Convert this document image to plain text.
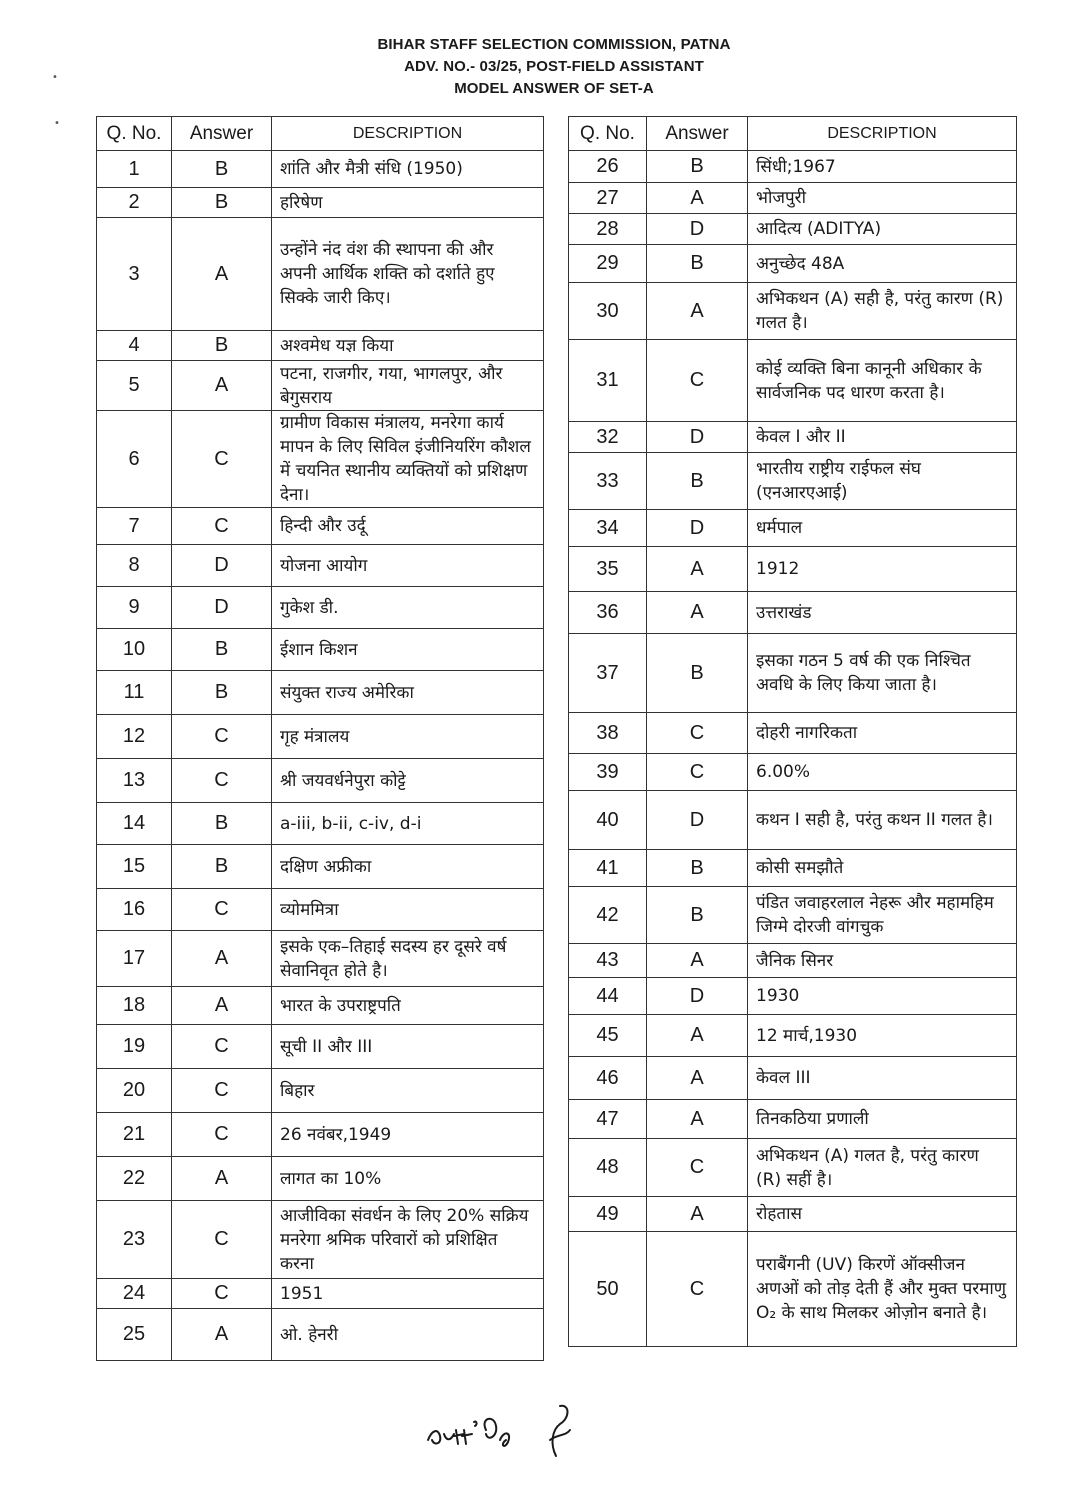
BIHAR STAFF SELECTION COMMISSION, PATNA
ADV. NO.- 03/25, POST-FIELD ASSISTANT
MODEL ANSWER OF SET-A
•
• Q. No.	Answer	DESCRIPTION
1	B	शांति और मैत्री संधि (1950)
2	B	हरिषेण
3	A	उन्होंने नंद वंश की स्थापना की और अपनी आर्थिक शक्ति को दर्शाते हुए सिक्के जारी किए।
4	B	अश्वमेध यज्ञ किया
5	A	पटना, राजगीर, गया, भागलपुर, और बेगुसराय
6	C	ग्रामीण विकास मंत्रालय, मनरेगा कार्य मापन के लिए सिविल इंजीनियरिंग कौशल में चयनित स्थानीय व्यक्तियों को प्रशिक्षण देना।
7	C	हिन्दी और उर्दू
8	D	योजना आयोग
9	D	गुकेश डी.
10	B	ईशान किशन
11	B	संयुक्त राज्य अमेरिका
12	C	गृह मंत्रालय
13	C	श्री जयवर्धनेपुरा कोट्टे
14	B	a-iii, b-ii, c-iv, d-i
15	B	दक्षिण अफ्रीका
16	C	व्योममित्रा
17	A	इसके एक–तिहाई सदस्य हर दूसरे वर्ष सेवानिवृत होते है।
18	A	भारत के उपराष्ट्रपति
19	C	सूची II और III
20	C	बिहार
21	C	26 नवंबर,1949
22	A	लागत का 10%
23	C	आजीविका संवर्धन के लिए 20% सक्रिय मनरेगा श्रमिक परिवारों को प्रशिक्षित करना
24	C	1951
25	A	ओ. हेनरी
Q. No.	Answer	DESCRIPTION
26	B	सिंधी;1967
27	A	भोजपुरी
28	D	आदित्य (ADITYA)
29	B	अनुच्छेद 48A
30	A	अभिकथन (A) सही है, परंतु कारण (R) गलत है।
31	C	कोई व्यक्ति बिना कानूनी अधिकार के सार्वजनिक पद धारण करता है।
32	D	केवल I और II
33	B	भारतीय राष्ट्रीय राईफल संघ (एनआरएआई)
34	D	धर्मपाल
35	A	1912
36	A	उत्तराखंड
37	B	इसका गठन 5 वर्ष की एक निश्चित अवधि के लिए किया जाता है।
38	C	दोहरी नागरिकता
39	C	6.00%
40	D	कथन I सही है, परंतु कथन II गलत है।
41	B	कोसी समझौते
42	B	पंडित जवाहरलाल नेहरू और महामहिम जिग्मे दोरजी वांगचुक
43	A	जैनिक सिनर
44	D	1930
45	A	12 मार्च,1930
46	A	केवल III
47	A	तिनकठिया प्रणाली
48	C	अभिकथन (A) गलत है, परंतु कारण (R) सहीं है।
49	A	रोहतास
50	C	पराबैंगनी (UV) किरणें ऑक्सीजन अणओं को तोड़ देती हैं और मुक्त परमाणु O₂ के साथ मिलकर ओज़ोन बनाते है।
